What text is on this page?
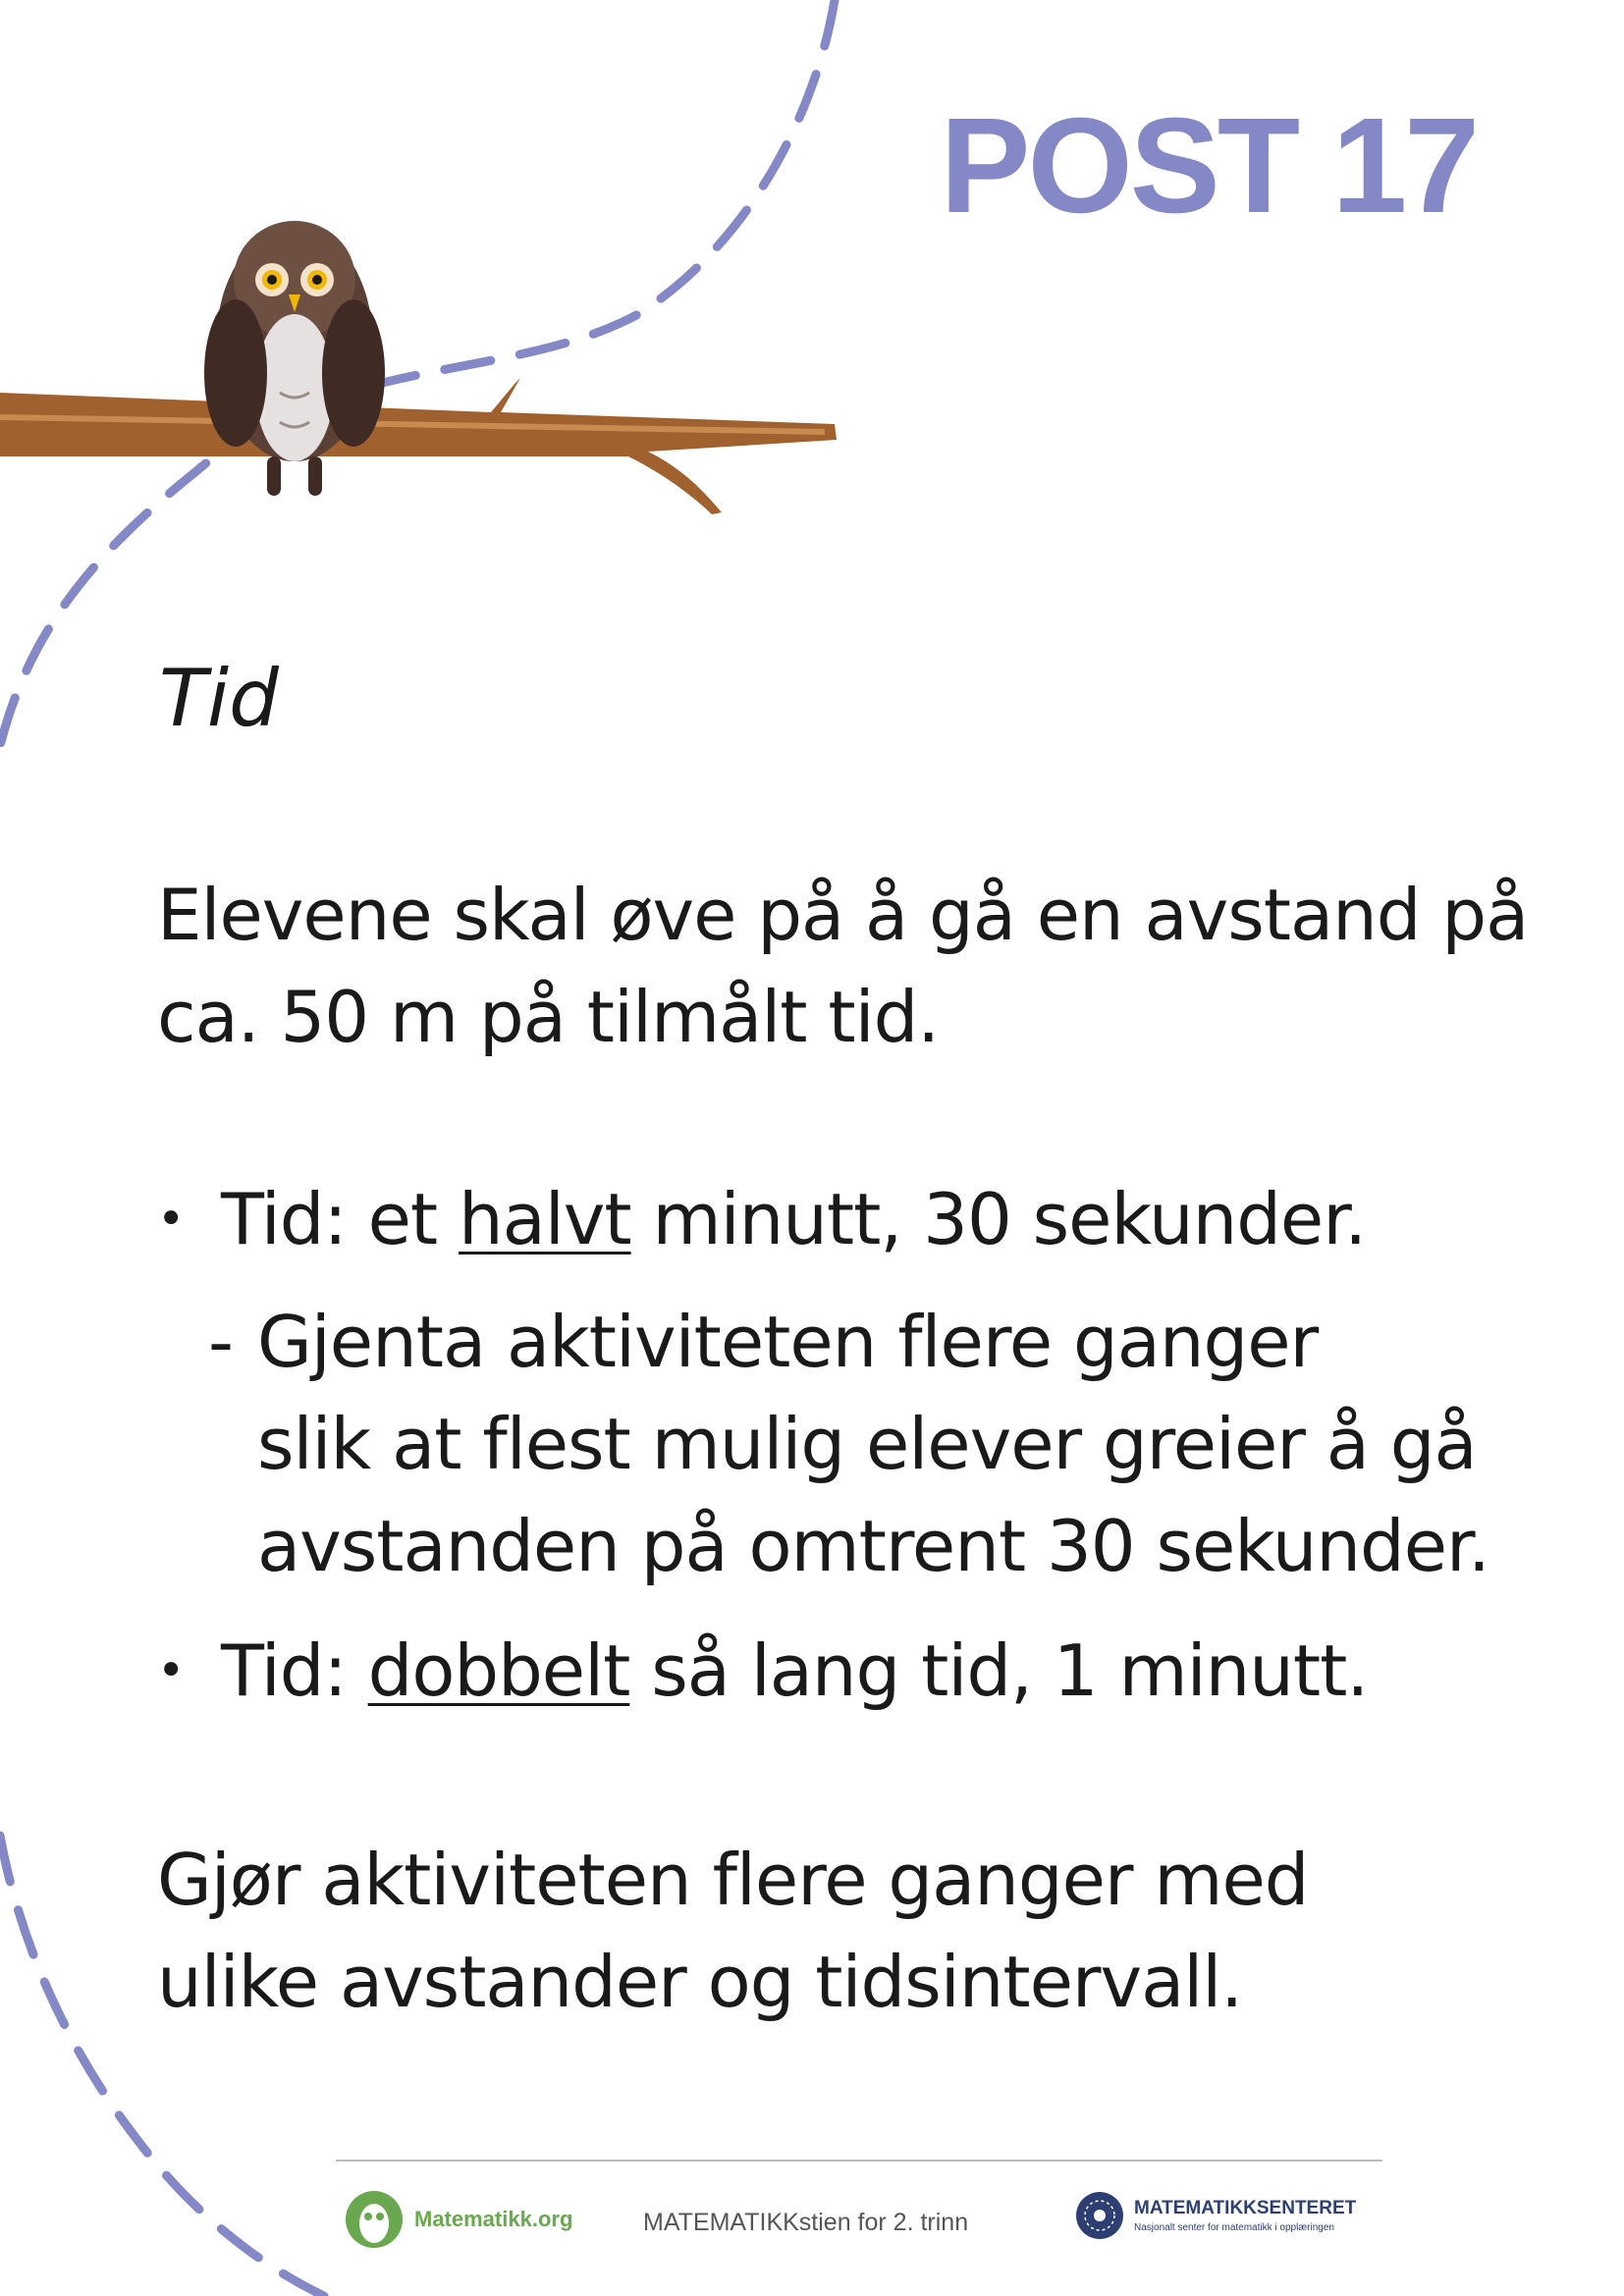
POST 17
Tid

Elevene skal øve på å gå en avstand på
ca. 50 m på tilmålt tid.

• Tid: et halvt minutt, 30 sekunder.
- Gjenta aktiviteten flere ganger
slik at flest mulig elever greier å gå
avstanden på omtrent 30 sekunder.
• Tid: dobbelt så lang tid, 1 minutt.

Gjør aktiviteten flere ganger med
ulike avstander og tidsintervall.

Matematikk.org	MATEMATIKKstien for 2. trinn
MATEMATIKKSENTERET
Nasjonalt senter for matematikk i opplæringen
